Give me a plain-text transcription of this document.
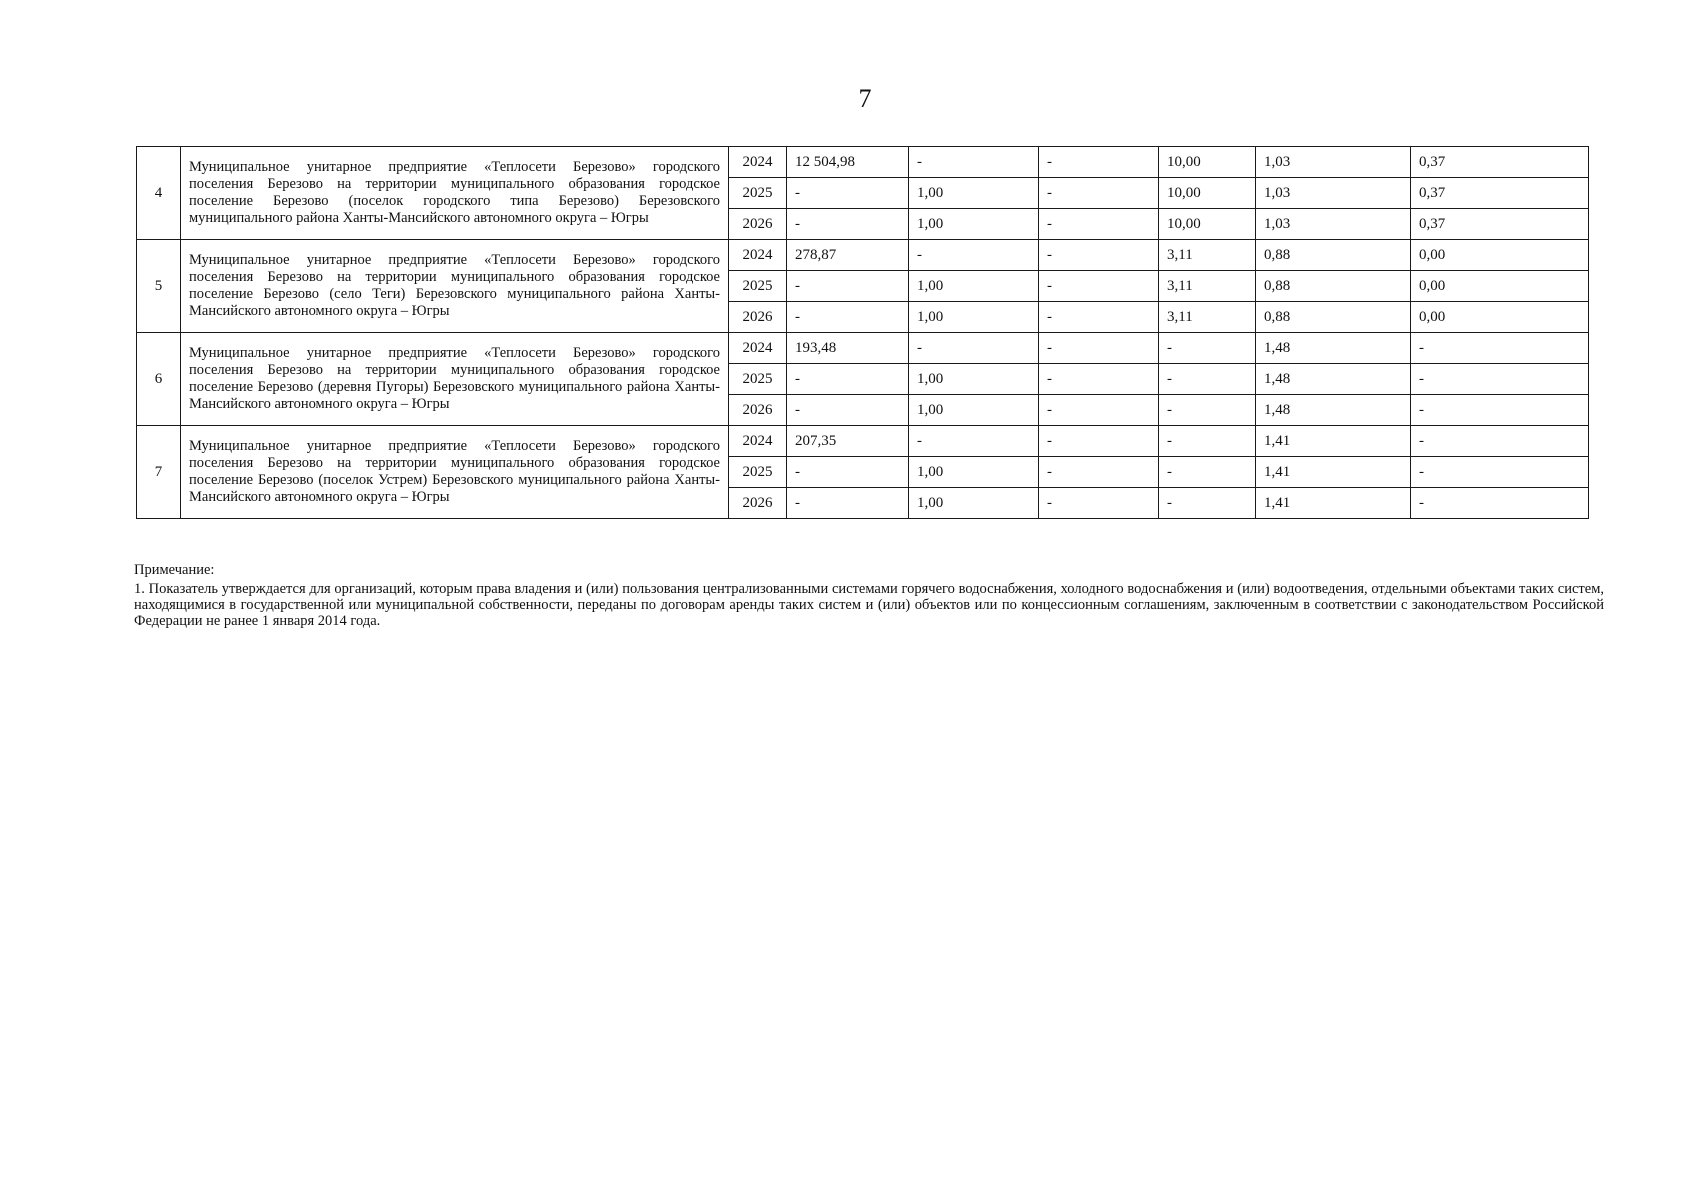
7
4	Муниципальное унитарное предприятие «Теплосети Березово» городского поселения Березово на территории муниципального образования городское поселение Березово (поселок городского типа Березово) Березовского муниципального района Ханты-Мансийского автономного округа – Югры	2024	12 504,98	-	-	10,00	1,03	0,37
		2025	-	1,00	-	10,00	1,03	0,37
		2026	-	1,00	-	10,00	1,03	0,37
5	Муниципальное унитарное предприятие «Теплосети Березово» городского поселения Березово на территории муниципального образования городское поселение Березово (село Теги) Березовского муниципального района Ханты-Мансийского автономного округа – Югры	2024	278,87	-	-	3,11	0,88	0,00
		2025	-	1,00	-	3,11	0,88	0,00
		2026	-	1,00	-	3,11	0,88	0,00
6	Муниципальное унитарное предприятие «Теплосети Березово» городского поселения Березово на территории муниципального образования городское поселение Березово (деревня Пугоры) Березовского муниципального района Ханты-Мансийского автономного округа – Югры	2024	193,48	-	-	-	1,48	-
		2025	-	1,00	-	-	1,48	-
		2026	-	1,00	-	-	1,48	-
7	Муниципальное унитарное предприятие «Теплосети Березово» городского поселения Березово на территории муниципального образования городское поселение Березово (поселок Устрем) Березовского муниципального района Ханты-Мансийского автономного округа – Югры	2024	207,35	-	-	-	1,41	-
		2025	-	1,00	-	-	1,41	-
		2026	-	1,00	-	-	1,41	-

Примечание:

1. Показатель утверждается для организаций, которым права владения и (или) пользования централизованными системами горячего водоснабжения, холодного водоснабжения и (или) водоотведения, отдельными объектами таких систем, находящимися в государственной или муниципальной собственности, переданы по договорам аренды таких систем и (или) объектов или по концессионным соглашениям, заключенным в соответствии с законодательством Российской Федерации не ранее 1 января 2014 года.
